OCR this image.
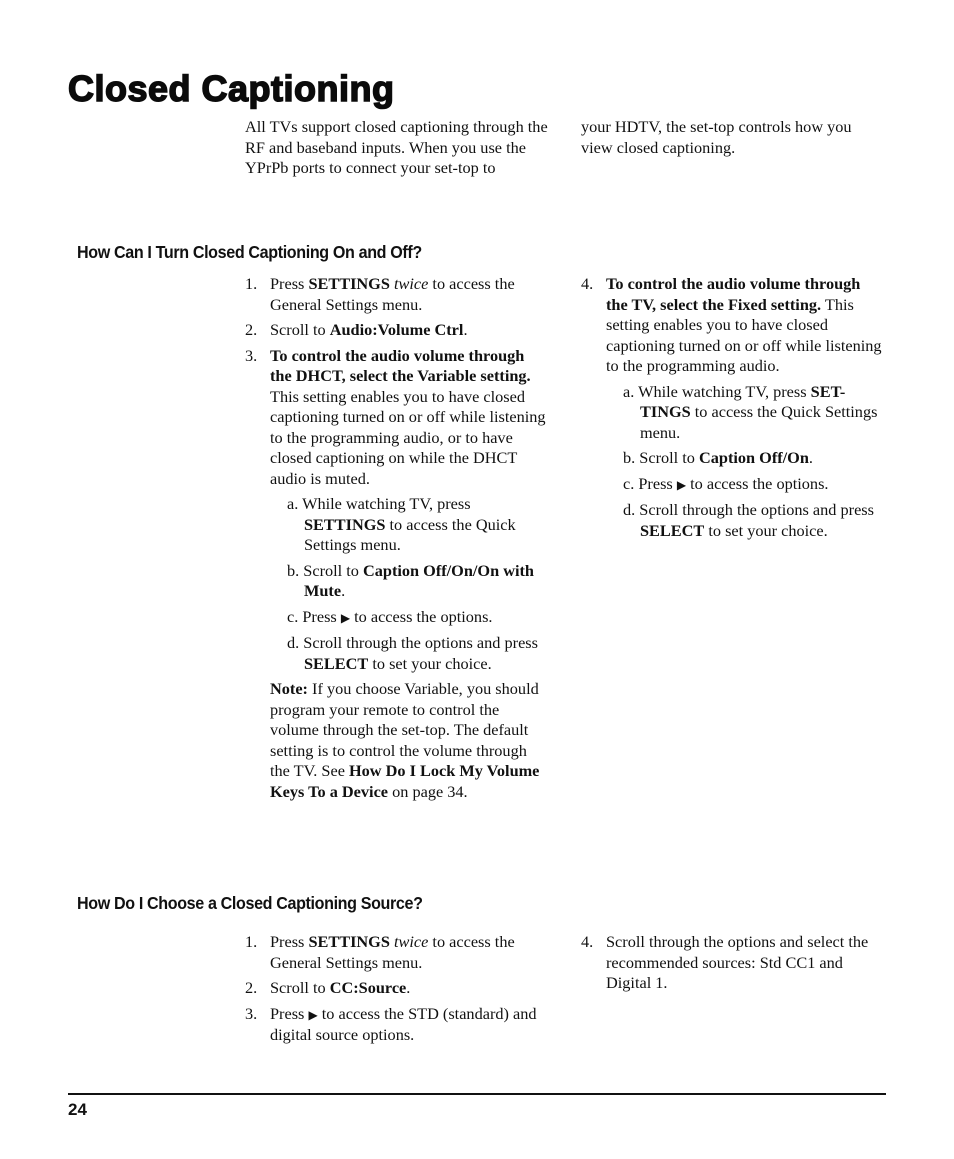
Closed Captioning

All TVs support closed captioning through the RF and baseband inputs. When you use the YPrPb ports to connect your set-top to

your HDTV, the set-top controls how you view closed captioning.

How Can I Turn Closed Captioning On and Off?
1. Press SETTINGS twice to access the General Settings menu.
2. Scroll to Audio:Volume Ctrl.
3. To control the audio volume through the DHCT, select the Variable setting. This setting enables you to have closed captioning turned on or off while listening to the programming audio, or to have closed captioning on while the DHCT audio is muted.
a. While watching TV, press SETTINGS to access the Quick Settings menu.
b. Scroll to Caption Off/On/On with Mute.
c. Press ▶ to access the options.
d. Scroll through the options and press SELECT to set your choice.
Note: If you choose Variable, you should program your remote to control the volume through the set-top. The default setting is to control the volume through the TV. See How Do I Lock My Volume Keys To a Device on page 34.
4. To control the audio volume through the TV, select the Fixed setting. This setting enables you to have closed captioning turned on or off while listening to the programming audio.
a. While watching TV, press SET-TINGS to access the Quick Settings menu.
b. Scroll to Caption Off/On.
c. Press ▶ to access the options.
d. Scroll through the options and press SELECT to set your choice.
How Do I Choose a Closed Captioning Source?
1. Press SETTINGS twice to access the General Settings menu.
2. Scroll to CC:Source.
3. Press ▶ to access the STD (standard) and digital source options.
4. Scroll through the options and select the recommended sources: Std CC1 and Digital 1.
24
